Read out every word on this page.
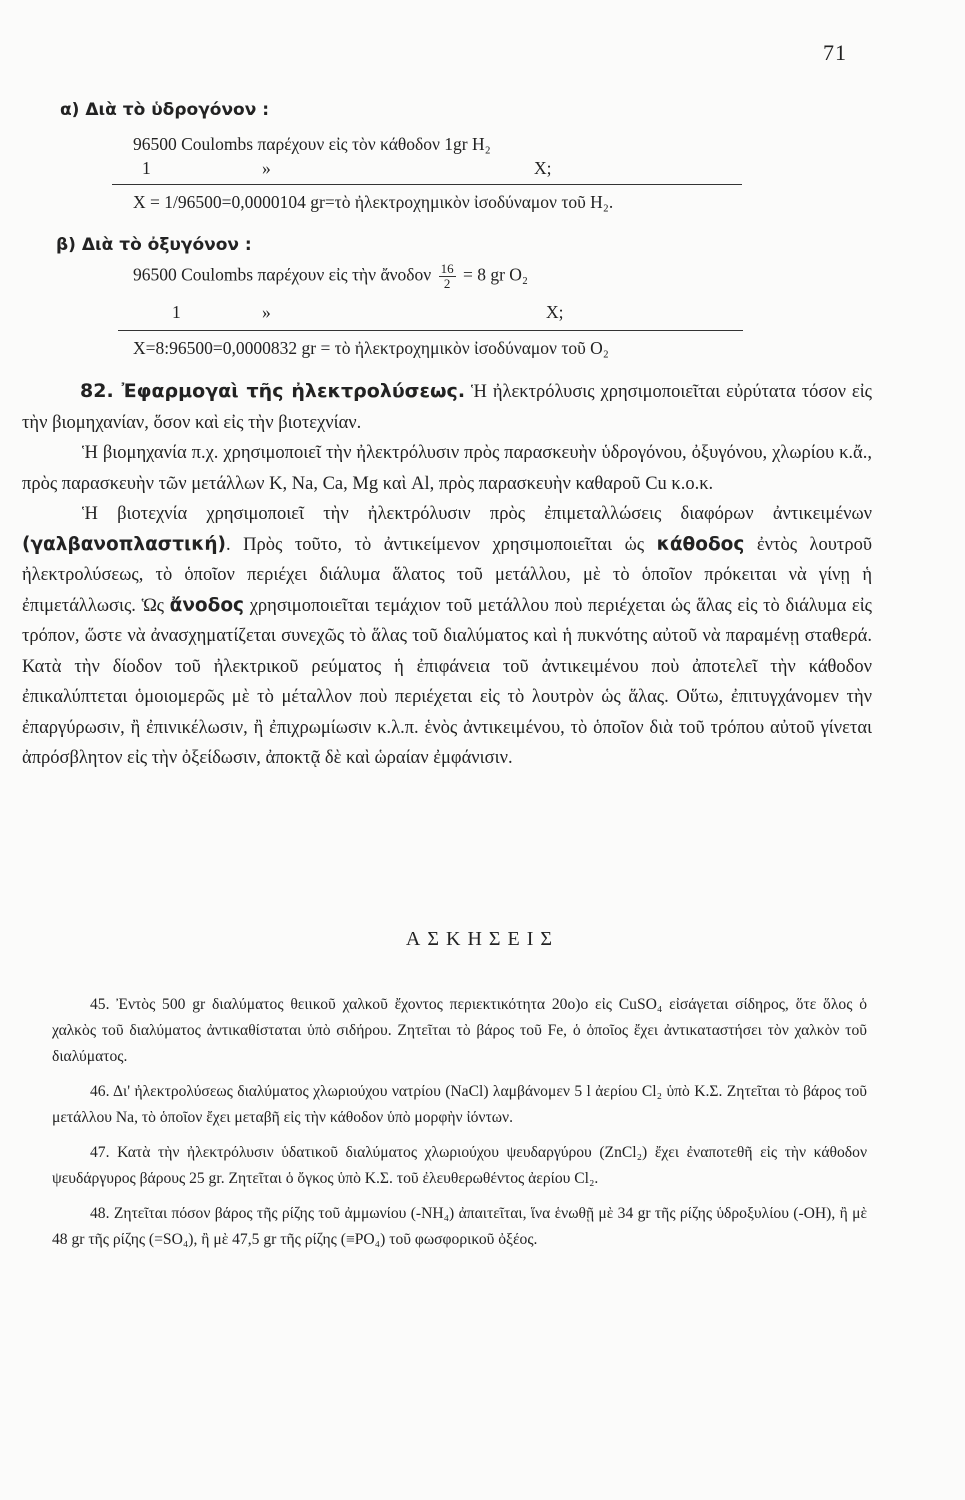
71
α) Διὰ τὸ ὑδρογόνον :
96500 Coulombs παρέχουν εἰς τὸν κάθοδον 1gr H₂
1	»	X;
X = 1/96500=0,0000104 gr=τὸ ἠλεκτροχημικὸν ἰσοδύναμον τοῦ H₂.
β) Διὰ τὸ ὀξυγόνον :
96500 Coulombs παρέχουν εἰς τὴν ἄνοδον $\frac{16}{2} = 8$ gr O₂
1	»	X;
X=8:96500=0,0000832 gr = τὸ ἠλεκτροχημικὸν ἰσοδύναμον τοῦ O₂

82. Ἐφαρμογαὶ τῆς ἠλεκτρολύσεως. Ἡ ἠλεκτρόλυσις χρησιμοποιεῖται εὐρύτατα τόσον εἰς τὴν βιομηχανίαν, ὅσον καὶ εἰς τὴν βιοτεχνίαν.

Ἡ βιομηχανία π.χ. χρησιμοποιεῖ τὴν ἠλεκτρόλυσιν πρὸς παρασκευὴν ὑδρογόνου, ὀξυγόνου, χλωρίου κ.ἄ., πρὸς παρασκευὴν τῶν μετάλλων K, Na, Ca, Mg καὶ Al, πρὸς παρασκευὴν καθαροῦ Cu κ.ο.κ.

Ἡ βιοτεχνία χρησιμοποιεῖ τὴν ἠλεκτρόλυσιν πρὸς ἐπιμεταλλώσεις διαφόρων ἀντικειμένων (γαλβανοπλαστική). Πρὸς τοῦτο, τὸ ἀντικείμενον χρησιμοποιεῖται ὡς κάθοδος ἐντὸς λουτροῦ ἠλεκτρολύσεως, τὸ ὁποῖον περιέχει διάλυμα ἅλατος τοῦ μετάλλου, μὲ τὸ ὁποῖον πρόκειται νὰ γίνῃ ἡ ἐπιμετάλλωσις. Ὡς ἄνοδος χρησιμοποιεῖται τεμάχιον τοῦ μετάλλου ποὺ περιέχεται ὡς ἅλας εἰς τὸ διάλυμα εἰς τρόπον, ὥστε νὰ ἀνασχηματίζεται συνεχῶς τὸ ἅλας τοῦ διαλύματος καὶ ἡ πυκνότης αὐτοῦ νὰ παραμένῃ σταθερά. Κατὰ τὴν δίοδον τοῦ ἠλεκτρικοῦ ρεύματος ἡ ἐπιφάνεια τοῦ ἀντικειμένου ποὺ ἀποτελεῖ τὴν κάθοδον ἐπικαλύπτεται ὁμοιομερῶς μὲ τὸ μέταλλον ποὺ περιέχεται εἰς τὸ λουτρὸν ὡς ἅλας. Οὕτω, ἐπιτυγχάνομεν τὴν ἐπαργύρωσιν, ἢ ἐπινικέλωσιν, ἢ ἐπιχρωμίωσιν κ.λ.π. ἑνὸς ἀντικειμένου, τὸ ὁποῖον διὰ τοῦ τρόπου αὐτοῦ γίνεται ἀπρόσβλητον εἰς τὴν ὀξείδωσιν, ἀποκτᾷ δὲ καὶ ὡραίαν ἐμφάνισιν.

ΑΣΚΗΣΕΙΣ

45. Ἐντὸς 500 gr διαλύματος θειικοῦ χαλκοῦ ἔχοντος περιεκτικότητα 20o)o εἰς CuSO₄ εἰσάγεται σίδηρος, ὅτε ὅλος ὁ χαλκὸς τοῦ διαλύματος ἀντικαθίσταται ὑπὸ σιδήρου. Ζητεῖται τὸ βάρος τοῦ Fe, ὁ ὁποῖος ἔχει ἀντικαταστήσει τὸν χαλκὸν τοῦ διαλύματος.

46. Δι' ἠλεκτρολύσεως διαλύματος χλωριούχου νατρίου (NaCl) λαμβάνομεν 5 l ἀερίου Cl₂ ὑπὸ K.Σ. Ζητεῖται τὸ βάρος τοῦ μετάλλου Na, τὸ ὁποῖον ἔχει μεταβῆ εἰς τὴν κάθοδον ὑπὸ μορφὴν ἰόντων.

47. Κατὰ τὴν ἠλεκτρόλυσιν ὑδατικοῦ διαλύματος χλωριούχου ψευδαργύρου (ZnCl₂) ἔχει ἐναποτεθῆ εἰς τὴν κάθοδον ψευδάργυρος βάρους 25 gr. Ζητεῖται ὁ ὄγκος ὑπὸ K.Σ. τοῦ ἐλευθερωθέντος ἀερίου Cl₂.

48. Ζητεῖται πόσον βάρος τῆς ρίζης τοῦ ἀμμωνίου (-NH₄) ἀπαιτεῖται, ἵνα ἑνωθῇ μὲ 34 gr τῆς ρίζης ὑδροξυλίου (-OH), ἢ μὲ 48 gr τῆς ρίζης (=SO₄), ἢ μὲ 47,5 gr τῆς ρίζης (≡PO₄) τοῦ φωσφορικοῦ ὀξέος.
